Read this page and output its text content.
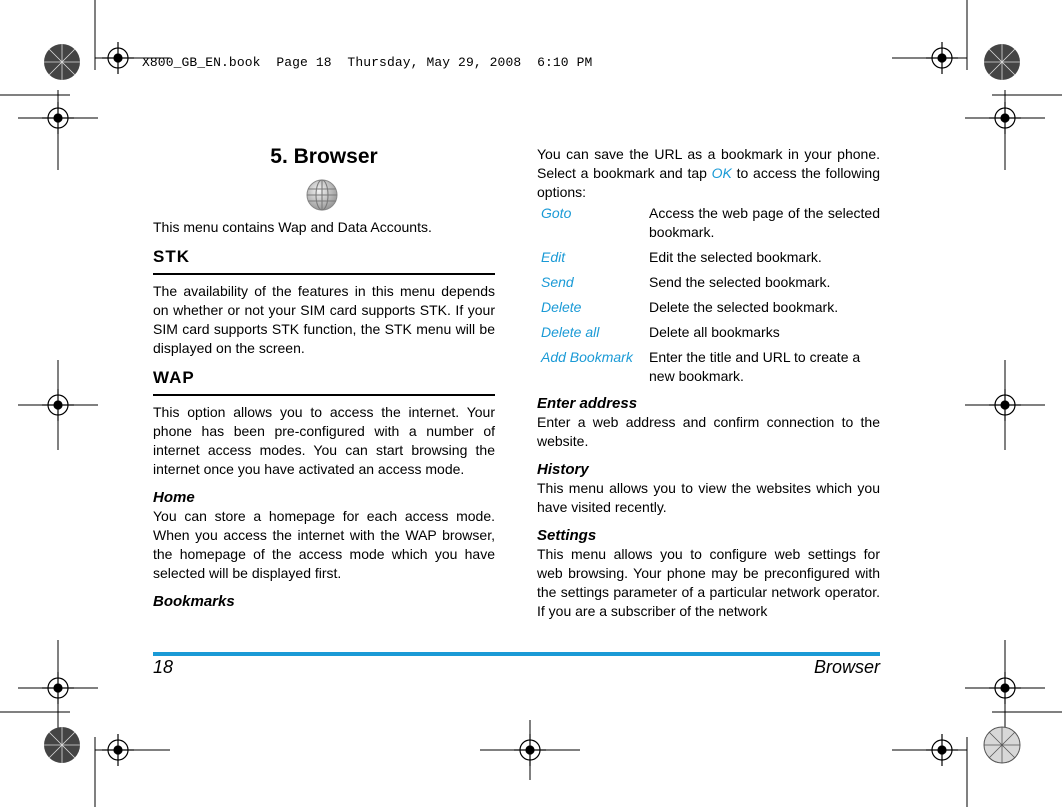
X800_GB_EN.book  Page 18  Thursday, May 29, 2008  6:10 PM
5. Browser

This menu contains Wap and Data Accounts.

STK

The availability of the features in this menu depends on whether or not your SIM card supports STK. If your SIM card supports STK function, the STK menu will be displayed on the screen.

WAP

This option allows you to access the internet. Your phone has been pre-configured with a number of internet access modes. You can start browsing the internet once you have activated an access mode.

Home

You can store a homepage for each access mode. When you access the internet with the WAP browser, the homepage of the access mode which you have selected will be displayed first.

Bookmarks

You can save the URL as a bookmark in your phone. Select a bookmark and tap OK to access the following options:

Goto	Access the web page of the selected bookmark.
Edit	Edit the selected bookmark.
Send	Send the selected bookmark.
Delete	Delete the selected bookmark.
Delete all	Delete all bookmarks
Add Bookmark	Enter the title and URL to create a new bookmark.
Enter address

Enter a web address and confirm connection to the website.

History

This menu allows you to view the websites which you have visited recently.

Settings

This menu allows you to configure web settings for web browsing. Your phone may be preconfigured with the settings parameter of a particular network operator. If you are a subscriber of the network

18	Browser
